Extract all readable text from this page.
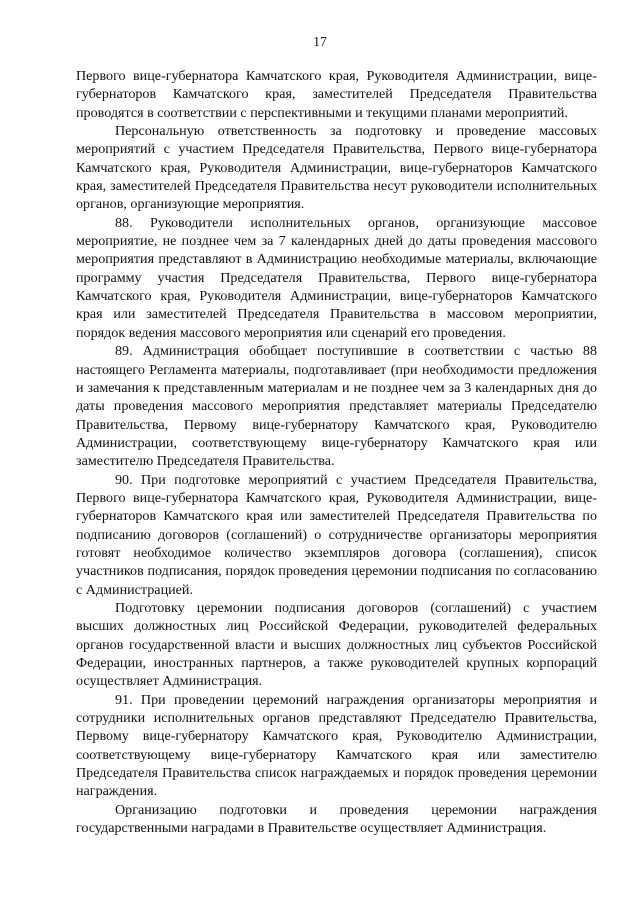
17

Первого вице-губернатора Камчатского края, Руководителя Администрации, вице-губернаторов Камчатского края, заместителей Председателя Правительства проводятся в соответствии с перспективными и текущими планами мероприятий.

Персональную ответственность за подготовку и проведение массовых мероприятий с участием Председателя Правительства, Первого вице-губернатора Камчатского края, Руководителя Администрации, вице-губернаторов Камчатского края, заместителей Председателя Правительства несут руководители исполнительных органов, организующие мероприятия.

88. Руководители исполнительных органов, организующие массовое мероприятие, не позднее чем за 7 календарных дней до даты проведения массового мероприятия представляют в Администрацию необходимые материалы, включающие программу участия Председателя Правительства, Первого вице-губернатора Камчатского края, Руководителя Администрации, вице-губернаторов Камчатского края или заместителей Председателя Правительства в массовом мероприятии, порядок ведения массового мероприятия или сценарий его проведения.

89. Администрация обобщает поступившие в соответствии с частью 88 настоящего Регламента материалы, подготавливает (при необходимости предложения и замечания к представленным материалам и не позднее чем за 3 календарных дня до даты проведения массового мероприятия представляет материалы Председателю Правительства, Первому вице-губернатору Камчатского края, Руководителю Администрации, соответствующему вице-губернатору Камчатского края или заместителю Председателя Правительства.

90. При подготовке мероприятий с участием Председателя Правительства, Первого вице-губернатора Камчатского края, Руководителя Администрации, вице-губернаторов Камчатского края или заместителей Председателя Правительства по подписанию договоров (соглашений) о сотрудничестве организаторы мероприятия готовят необходимое количество экземпляров договора (соглашения), список участников подписания, порядок проведения церемонии подписания по согласованию с Администрацией.

Подготовку церемонии подписания договоров (соглашений) с участием высших должностных лиц Российской Федерации, руководителей федеральных органов государственной власти и высших должностных лиц субъектов Российской Федерации, иностранных партнеров, а также руководителей крупных корпораций осуществляет Администрация.

91. При проведении церемоний награждения организаторы мероприятия и сотрудники исполнительных органов представляют Председателю Правительства, Первому вице-губернатору Камчатского края, Руководителю Администрации, соответствующему вице-губернатору Камчатского края или заместителю Председателя Правительства список награждаемых и порядок проведения церемонии награждения.

Организацию подготовки и проведения церемонии награждения государственными наградами в Правительстве осуществляет Администрация.
